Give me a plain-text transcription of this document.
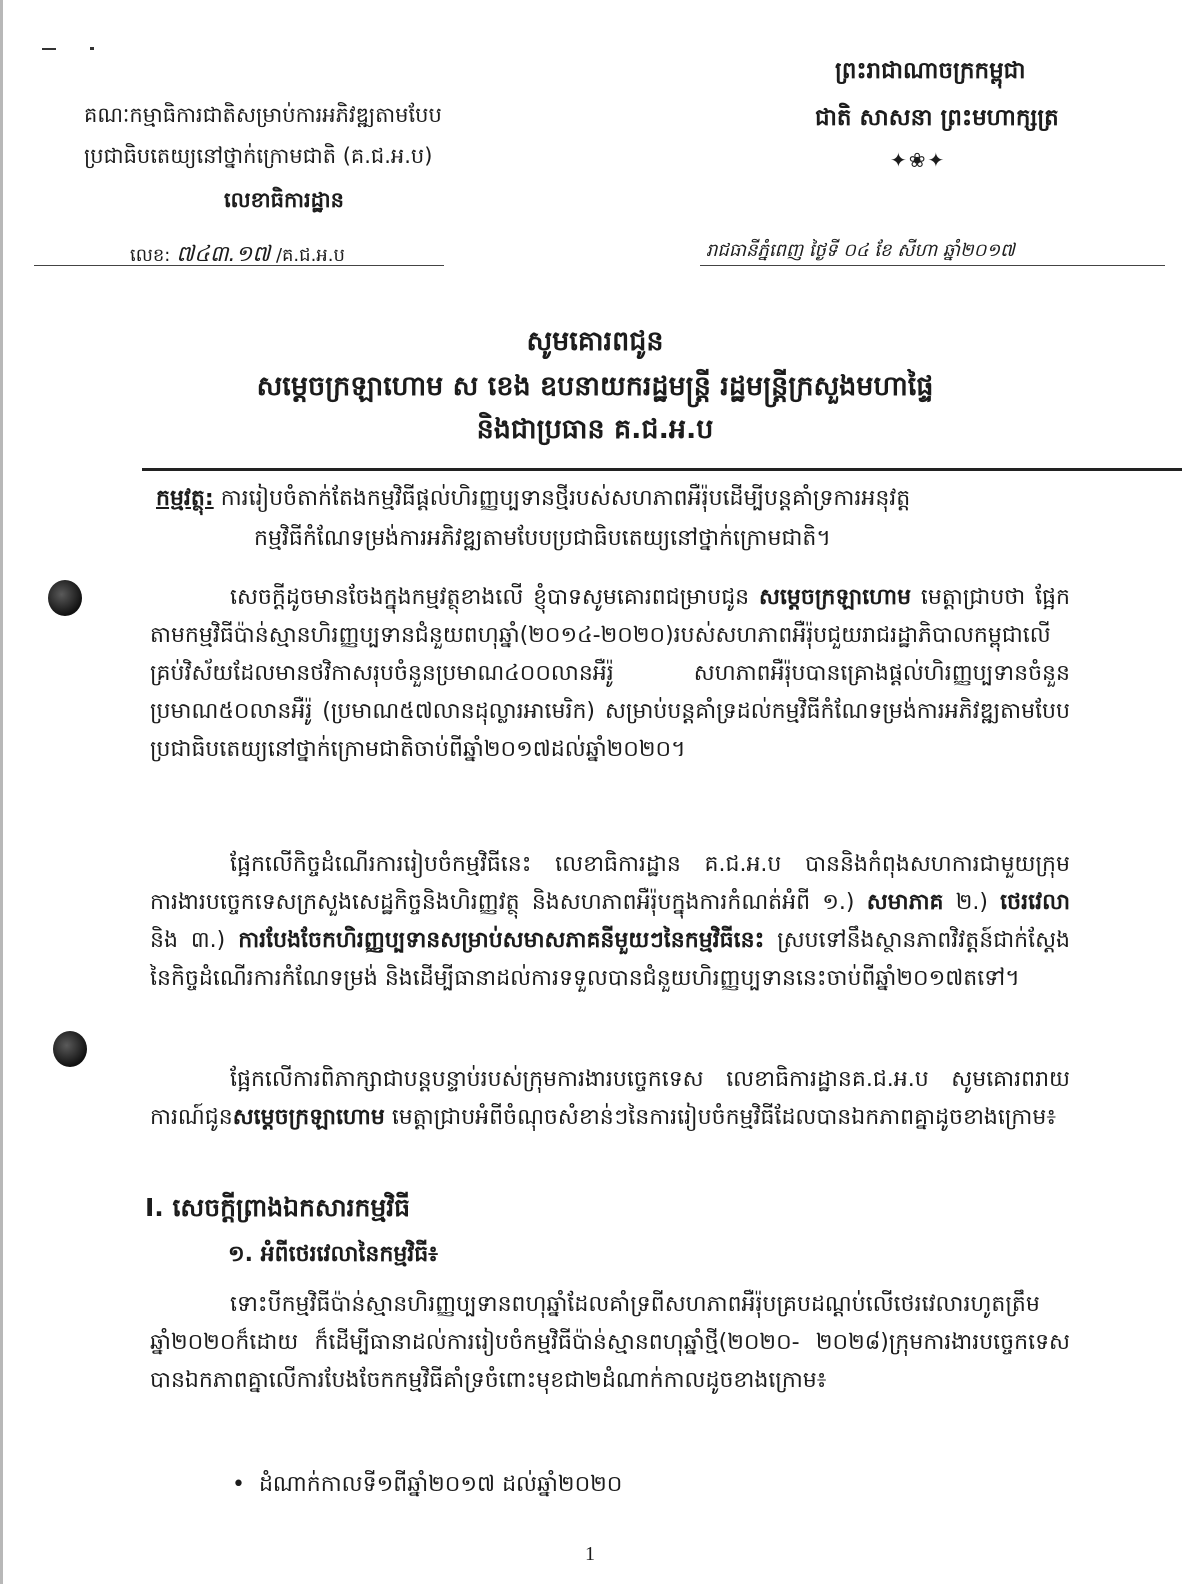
គណៈកម្មាធិការជាតិសម្រាប់ការអភិវឌ្ឍតាមបែប
ប្រជាធិបតេយ្យនៅថ្នាក់ក្រោមជាតិ (គ.ជ.អ.ប)
លេខាធិការដ្ឋាន
ព្រះរាជាណាចក្រកម្ពុជា
ជាតិ សាសនា ព្រះមហាក្សត្រ
✦❀✦
លេខ: ៧៤៣.១៧ /គ.ជ.អ.ប	រាជធានីភ្នំពេញ ថ្ងៃទី ០៤ ខែ សីហា ឆ្នាំ២០១៧
សូមគោរពជូន
សម្តេចក្រឡាហោម ស ខេង ឧបនាយករដ្ឋមន្ត្រី រដ្ឋមន្ត្រីក្រសួងមហាផ្ទៃ
និងជាប្រធាន គ.ជ.អ.ប
កម្មវត្ថុ: ការរៀបចំតាក់តែងកម្មវិធីផ្តល់ហិរញ្ញប្បទានថ្មីរបស់សហភាពអឺរ៉ុបដើម្បីបន្តគាំទ្រការអនុវត្ត
កម្មវិធីកំណែទម្រង់ការអភិវឌ្ឍតាមបែបប្រជាធិបតេយ្យនៅថ្នាក់ក្រោមជាតិ។
សេចក្តីដូចមានចែងក្នុងកម្មវត្ថុខាងលើ ខ្ញុំបាទសូមគោរពជម្រាបជូន សម្តេចក្រឡាហោម មេត្តាជ្រាបថា ផ្អែកតាមកម្មវិធីប៉ាន់ស្មានហិរញ្ញប្បទានជំនួយពហុឆ្នាំ(២០១៤-២០២០)របស់សហភាពអឺរ៉ុបជួយរាជរដ្ឋាភិបាលកម្ពុជាលើគ្រប់វិស័យដែលមានថវិកាសរុបចំនួនប្រមាណ៤០០លានអឺរ៉ូ សហភាពអឺរ៉ុបបានគ្រោងផ្តល់ហិរញ្ញប្បទានចំនួនប្រមាណ៥០លានអឺរ៉ូ (ប្រមាណ៥៧លានដុល្លារអាមេរិក) សម្រាប់បន្តគាំទ្រដល់កម្មវិធីកំណែទម្រង់ការអភិវឌ្ឍតាមបែបប្រជាធិបតេយ្យនៅថ្នាក់ក្រោមជាតិចាប់ពីឆ្នាំ២០១៧ដល់ឆ្នាំ២០២០។
ផ្អែកលើកិច្ចដំណើរការរៀបចំកម្មវិធីនេះ លេខាធិការដ្ឋាន គ.ជ.អ.ប បាននិងកំពុងសហការជាមួយក្រុមការងារបច្ចេកទេសក្រសួងសេដ្ឋកិច្ចនិងហិរញ្ញវត្ថុ និងសហភាពអឺរ៉ុបក្នុងការកំណត់អំពី ១.) សមាភាគ ២.) ថេរវេលា និង ៣.) ការបែងចែកហិរញ្ញប្បទានសម្រាប់សមាសភាគនីមួយៗនៃកម្មវិធីនេះ ស្របទៅនឹងស្ថានភាពវិវត្តន៍ជាក់ស្តែងនៃកិច្ចដំណើរការកំណែទម្រង់ និងដើម្បីធានាដល់ការទទួលបានជំនួយហិរញ្ញប្បទាននេះចាប់ពីឆ្នាំ២០១៧តទៅ។
ផ្អែកលើការពិភាក្សាជាបន្តបន្ទាប់របស់ក្រុមការងារបច្ចេកទេស លេខាធិការដ្ឋានគ.ជ.អ.ប សូមគោរពរាយការណ៍ជូនសម្តេចក្រឡាហោម មេត្តាជ្រាបអំពីចំណុចសំខាន់ៗនៃការរៀបចំកម្មវិធីដែលបានឯកភាពគ្នាដូចខាងក្រោម៖
I. សេចក្តីព្រាងឯកសារកម្មវិធី
១. អំពីថេរវេលានៃកម្មវិធី៖
ទោះបីកម្មវិធីប៉ាន់ស្មានហិរញ្ញប្បទានពហុឆ្នាំដែលគាំទ្រពីសហភាពអឺរ៉ុបគ្របដណ្តប់លើថេរវេលារហូតត្រឹមឆ្នាំ២០២០ក៏ដោយ ក៏ដើម្បីធានាដល់ការរៀបចំកម្មវិធីប៉ាន់ស្មានពហុឆ្នាំថ្មី(២០២០- ២០២៨)ក្រុមការងារបច្ចេកទេសបានឯកភាពគ្នាលើការបែងចែកកម្មវិធីគាំទ្រចំពោះមុខជា២ដំណាក់កាលដូចខាងក្រោម៖
•  ដំណាក់កាលទី១ពីឆ្នាំ២០១៧ ដល់ឆ្នាំ២០២០
1
